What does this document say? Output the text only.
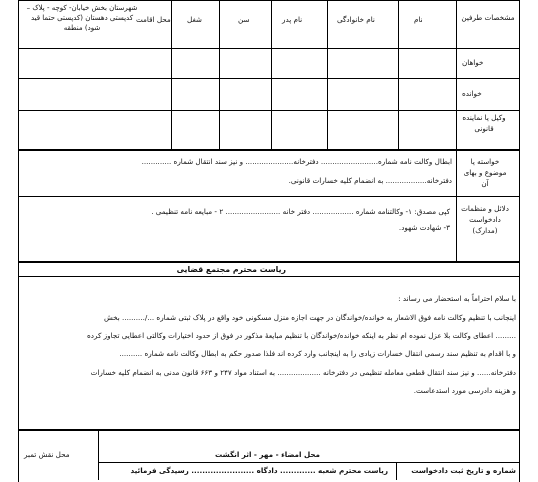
مشخصات طرفین
نام
نام خانوادگی
نام پدر
سن
شغل
محل اقامت
شهرستان بخش خیابان- کوچه - پلاک – کدپستی دهستان (کدپستی حتما قید شود) منطقه
خواهان
خوانده
وکیل یا نماینده قانونی
خواسته یا موضوع و بهای آن
ابطال وکالت نامه شماره......................... دفترخانه..................... و نیز سند انتقال شماره .............
دفترخانه.................. به انضمام کلیه خسارات قانونی.
دلائل و منظمات دادخواست (مدارک)
کپی مصدق: ۱- وکالتنامه شماره .................. دفتر خانه ........................ ۲ - مبایعه نامه تنظیمی .
۳- شهادت شهود.
ریاست محترم مجتمع قضایی
با سلام احتراماً به استحضار می رساند :
اینجانب با تنظیم وکالت نامه فوق الاشعار به خوانده/خواندگان در جهت اجازه منزل مسکونی خود واقع در پلاک ثبتی شماره .../.......... بخش
......... اعطای وکالت بلا عزل نموده ام نظر به اینکه خوانده/خواندگان با تنظیم مبایعۀ مذکور در فوق از حدود اختیارات وکالتی اعطایی تجاوز کرده
و با اقدام به تنظیم سند رسمی انتقال خسارات زیادی را به اینجانب وارد کرده اند فلذا صدور حکم به ابطال وکالت نامه شماره ..........
دفترخانه...... و نیز سند انتقال قطعی معامله تنظیمی در دفترخانه ................... به استناد مواد ۲۴۷ و ۶۶۳ قانون مدنی به انضمام کلیه خسارات
و هزینه دادرسی مورد استدعاست.
محل نقش تمبر	محل امضاء - مهر - اثر انگشت
شماره و تاریخ ثبت دادخواست
ریاست محترم شعبه ............. دادگاه ....................... رسیدگی فرمائید
